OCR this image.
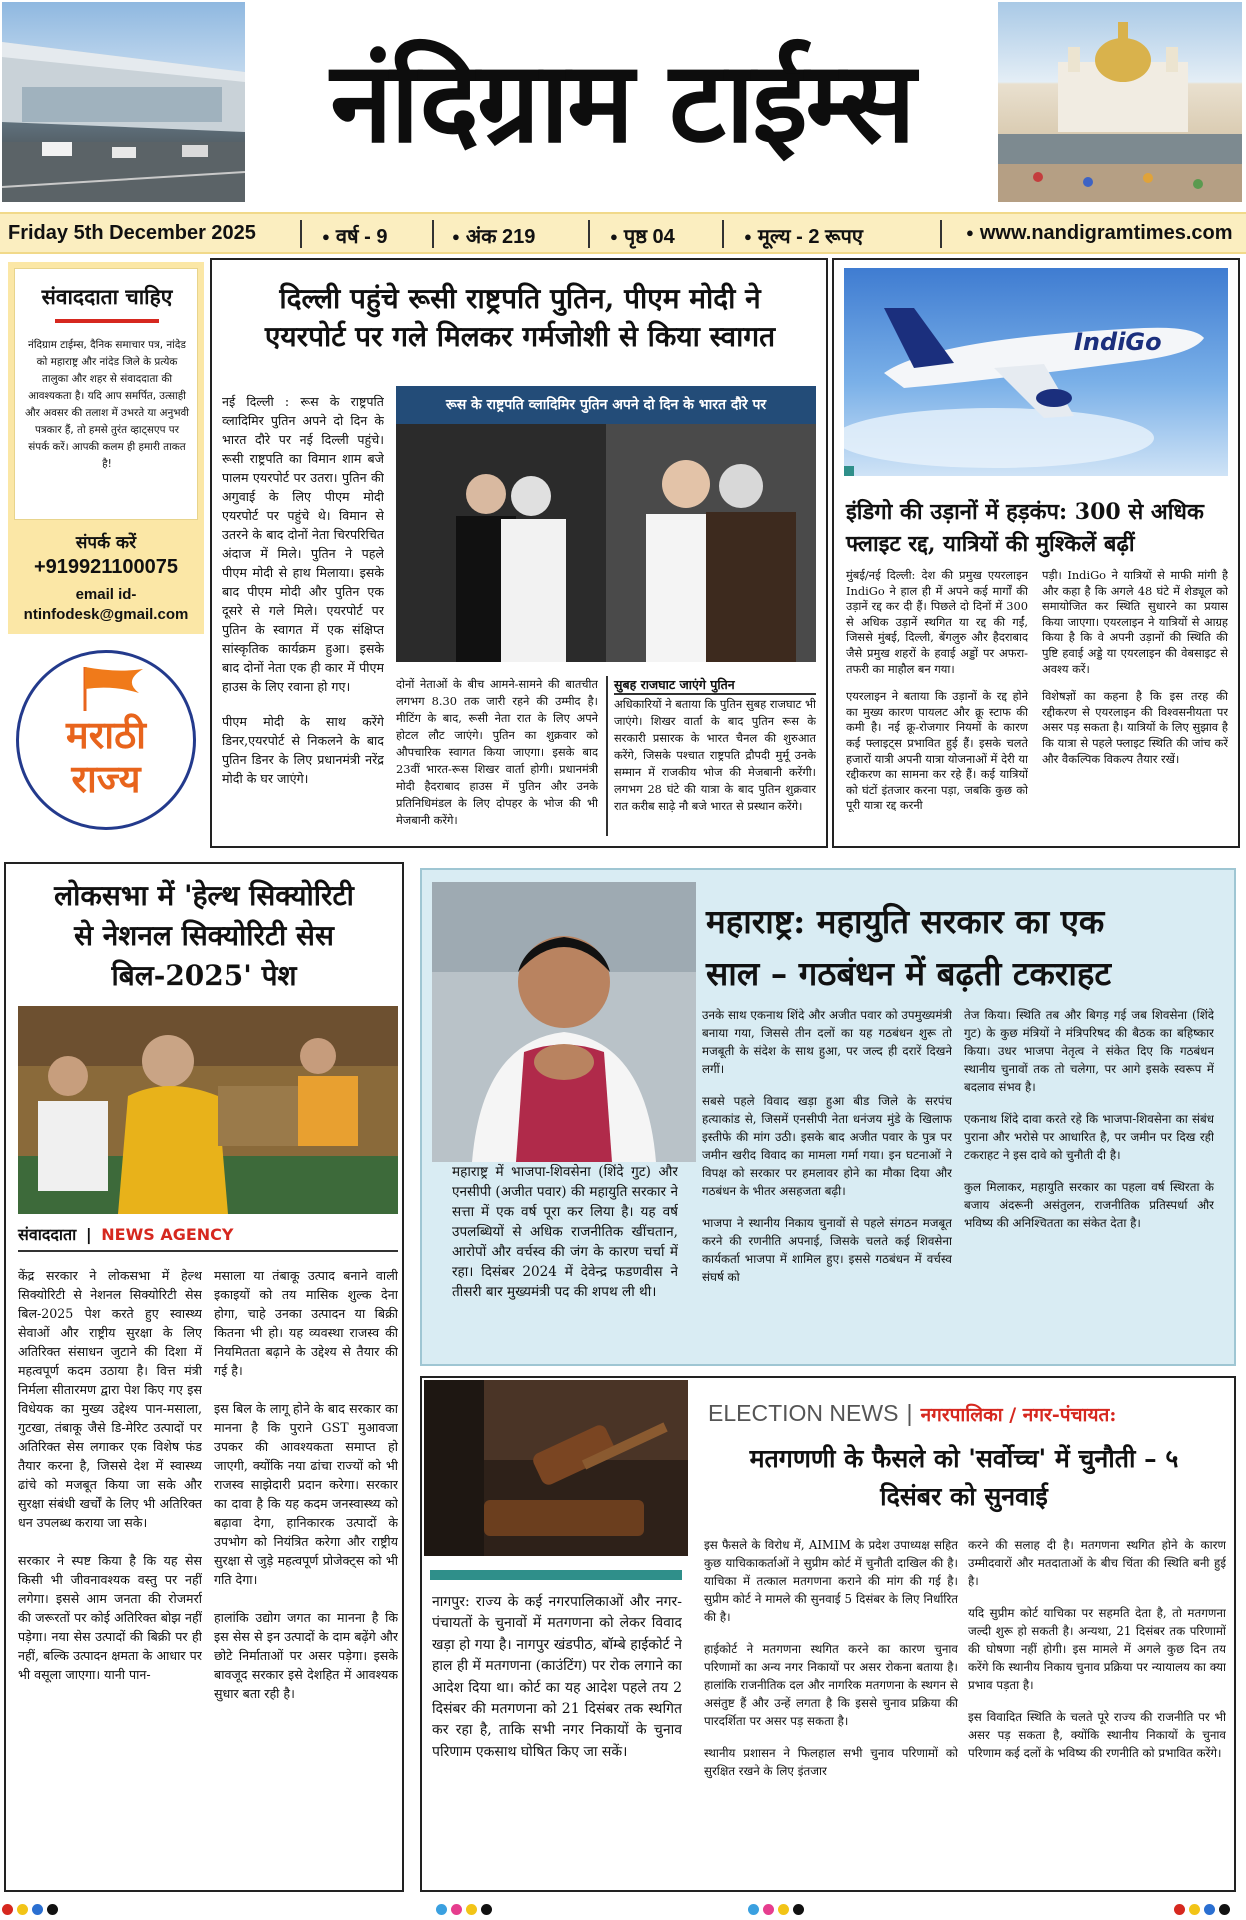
नंदिग्राम टाईम्स
Friday 5th December 2025	● वर्ष - 9	● अंक 219	● पृष्ठ 04	● मूल्य - 2 रूपए	● www.nandigramtimes.com
संवाददाता चाहिए
नंदिग्राम टाईम्स, दैनिक समाचार पत्र, नांदेड को महाराष्ट्र और नांदेड जिले के प्रत्येक तालुका और शहर से संवाददाता की आवश्यकता है। यदि आप समर्पित, उत्साही और अवसर की तलाश में उभरते या अनुभवी पत्रकार हैं, तो हमसे तुरंत व्हाट्सएप पर संपर्क करें। आपकी कलम ही हमारी ताकत है!
संपर्क करें
+919921100075
email id-
ntinfodesk@gmail.com
मराठी
राज्य
दिल्ली पहुंचे रूसी राष्ट्रपति पुतिन, पीएम मोदी ने
एयरपोर्ट पर गले मिलकर गर्मजोशी से किया स्वागत

नई दिल्ली : रूस के राष्ट्रपति व्लादिमिर पुतिन अपने दो दिन के भारत दौरे पर नई दिल्ली पहुंचे। रूसी राष्ट्रपति का विमान शाम बजे पालम एयरपोर्ट पर उतरा। पुतिन की अगुवाई के लिए पीएम मोदी एयरपोर्ट पर पहुंचे थे। विमान से उतरने के बाद दोनों नेता चिरपरिचित अंदाज में मिले। पुतिन ने पहले पीएम मोदी से हाथ मिलाया। इसके बाद पीएम मोदी और पुतिन एक दूसरे से गले मिले। एयरपोर्ट पर पुतिन के स्वागत में एक संक्षिप्त सांस्कृतिक कार्यक्रम हुआ। इसके बाद दोनों नेता एक ही कार में पीएम हाउस के लिए रवाना हो गए।

पीएम मोदी के साथ करेंगे डिनर,एयरपोर्ट से निकलने के बाद पुतिन डिनर के लिए प्रधानमंत्री नरेंद्र मोदी के घर जाएंगे।

रूस के राष्ट्रपति व्लादिमिर पुतिन अपने दो दिन के भारत दौरे पर
दोनों नेताओं के बीच आमने-सामने की बातचीत लगभग 8.30 तक जारी रहने की उम्मीद है। मीटिंग के बाद, रूसी नेता रात के लिए अपने होटल लौट जाएंगे। पुतिन का शुक्रवार को औपचारिक स्वागत किया जाएगा। इसके बाद 23वीं भारत-रूस शिखर वार्ता होगी। प्रधानमंत्री मोदी हैदराबाद हाउस में पुतिन और उनके प्रतिनिधिमंडल के लिए दोपहर के भोज की भी मेजबानी करेंगे।
सुबह राजघाट जाएंगे पुतिन
अधिकारियों ने बताया कि पुतिन सुबह राजघाट भी जाएंगे। शिखर वार्ता के बाद पुतिन रूस के सरकारी प्रसारक के भारत चैनल की शुरुआत करेंगे, जिसके पश्चात राष्ट्रपति द्रौपदी मुर्मू उनके सम्मान में राजकीय भोज की मेजबानी करेंगी। लगभग 28 घंटे की यात्रा के बाद पुतिन शुक्रवार रात करीब साढ़े नौ बजे भारत से प्रस्थान करेंगे।
IndiGo
इंडिगो की उड़ानों में हड़कंप: 300 से अधिक
फ्लाइट रद्द, यात्रियों की मुश्किलें बढ़ीं

मुंबई/नई दिल्ली: देश की प्रमुख एयरलाइन IndiGo ने हाल ही में अपने कई मार्गों की उड़ानें रद्द कर दी हैं। पिछले दो दिनों में 300 से अधिक उड़ानें स्थगित या रद्द की गईं, जिससे मुंबई, दिल्ली, बेंगलुरु और हैदराबाद जैसे प्रमुख शहरों के हवाई अड्डों पर अफरा-तफरी का माहौल बन गया।

एयरलाइन ने बताया कि उड़ानों के रद्द होने का मुख्य कारण पायलट और क्रू स्टाफ की कमी है। नई क्रू-रोजगार नियमों के कारण कई फ्लाइट्स प्रभावित हुई हैं। इसके चलते हजारों यात्री अपनी यात्रा योजनाओं में देरी या रद्दीकरण का सामना कर रहे हैं। कई यात्रियों को घंटों इंतजार करना पड़ा, जबकि कुछ को पूरी यात्रा रद्द करनी

पड़ी। IndiGo ने यात्रियों से माफी मांगी है और कहा है कि अगले 48 घंटे में शेड्यूल को समायोजित कर स्थिति सुधारने का प्रयास किया जाएगा। एयरलाइन ने यात्रियों से आग्रह किया है कि वे अपनी उड़ानों की स्थिति की पुष्टि हवाई अड्डे या एयरलाइन की वेबसाइट से अवश्य करें।

विशेषज्ञों का कहना है कि इस तरह की रद्दीकरण से एयरलाइन की विश्वसनीयता पर असर पड़ सकता है। यात्रियों के लिए सुझाव है कि यात्रा से पहले फ्लाइट स्थिति की जांच करें और वैकल्पिक विकल्प तैयार रखें।

लोकसभा में 'हेल्थ सिक्योरिटी
से नेशनल सिक्योरिटी सेस
बिल-2025' पेश
संवाददाता | NEWS AGENCY

केंद्र सरकार ने लोकसभा में हेल्थ सिक्योरिटी से नेशनल सिक्योरिटी सेस बिल-2025 पेश करते हुए स्वास्थ्य सेवाओं और राष्ट्रीय सुरक्षा के लिए अतिरिक्त संसाधन जुटाने की दिशा में महत्वपूर्ण कदम उठाया है। वित्त मंत्री निर्मला सीतारमण द्वारा पेश किए गए इस विधेयक का मुख्य उद्देश्य पान-मसाला, गुटखा, तंबाकू जैसे डि-मेरिट उत्पादों पर अतिरिक्त सेस लगाकर एक विशेष फंड तैयार करना है, जिससे देश में स्वास्थ्य ढांचे को मजबूत किया जा सके और सुरक्षा संबंधी खर्चों के लिए भी अतिरिक्त धन उपलब्ध कराया जा सके।

सरकार ने स्पष्ट किया है कि यह सेस किसी भी जीवनावश्यक वस्तु पर नहीं लगेगा। इससे आम जनता की रोजमर्रा की जरूरतों पर कोई अतिरिक्त बोझ नहीं पड़ेगा। नया सेस उत्पादों की बिक्री पर ही नहीं, बल्कि उत्पादन क्षमता के आधार पर भी वसूला जाएगा। यानी पान-

मसाला या तंबाकू उत्पाद बनाने वाली इकाइयों को तय मासिक शुल्क देना होगा, चाहे उनका उत्पादन या बिक्री कितना भी हो। यह व्यवस्था राजस्व की नियमितता बढ़ाने के उद्देश्य से तैयार की गई है।

इस बिल के लागू होने के बाद सरकार का मानना है कि पुराने GST मुआवजा उपकर की आवश्यकता समाप्त हो जाएगी, क्योंकि नया ढांचा राज्यों को भी राजस्व साझेदारी प्रदान करेगा। सरकार का दावा है कि यह कदम जनस्वास्थ्य को बढ़ावा देगा, हानिकारक उत्पादों के उपभोग को नियंत्रित करेगा और राष्ट्रीय सुरक्षा से जुड़े महत्वपूर्ण प्रोजेक्ट्स को भी गति देगा।

हालांकि उद्योग जगत का मानना है कि इस सेस से इन उत्पादों के दाम बढ़ेंगे और छोटे निर्माताओं पर असर पड़ेगा। इसके बावजूद सरकार इसे देशहित में आवश्यक सुधार बता रही है।

महाराष्ट्र: महायुति सरकार का एक
साल – गठबंधन में बढ़ती टकराहट
महाराष्ट्र में भाजपा-शिवसेना (शिंदे गुट) और एनसीपी (अजीत पवार) की महायुति सरकार ने सत्ता में एक वर्ष पूरा कर लिया है। यह वर्ष उपलब्धियों से अधिक राजनीतिक खींचतान, आरोपों और वर्चस्व की जंग के कारण चर्चा में रहा। दिसंबर 2024 में देवेन्द्र फडणवीस ने तीसरी बार मुख्यमंत्री पद की शपथ ली थी।

उनके साथ एकनाथ शिंदे और अजीत पवार को उपमुख्यमंत्री बनाया गया, जिससे तीन दलों का यह गठबंधन शुरू तो मजबूती के संदेश के साथ हुआ, पर जल्द ही दरारें दिखने लगीं।

सबसे पहले विवाद खड़ा हुआ बीड जिले के सरपंच हत्याकांड से, जिसमें एनसीपी नेता धनंजय मुंडे के खिलाफ इस्तीफे की मांग उठी। इसके बाद अजीत पवार के पुत्र पर जमीन खरीद विवाद का मामला गर्मा गया। इन घटनाओं ने विपक्ष को सरकार पर हमलावर होने का मौका दिया और गठबंधन के भीतर असहजता बढ़ी।

भाजपा ने स्थानीय निकाय चुनावों से पहले संगठन मजबूत करने की रणनीति अपनाई, जिसके चलते कई शिवसेना कार्यकर्ता भाजपा में शामिल हुए। इससे गठबंधन में वर्चस्व संघर्ष को

तेज किया। स्थिति तब और बिगड़ गई जब शिवसेना (शिंदे गुट) के कुछ मंत्रियों ने मंत्रिपरिषद की बैठक का बहिष्कार किया। उधर भाजपा नेतृत्व ने संकेत दिए कि गठबंधन स्थानीय चुनावों तक तो चलेगा, पर आगे इसके स्वरूप में बदलाव संभव है।

एकनाथ शिंदे दावा करते रहे कि भाजपा-शिवसेना का संबंध पुराना और भरोसे पर आधारित है, पर जमीन पर दिख रही टकराहट ने इस दावे को चुनौती दी है।

कुल मिलाकर, महायुति सरकार का पहला वर्ष स्थिरता के बजाय अंदरूनी असंतुलन, राजनीतिक प्रतिस्पर्धा और भविष्य की अनिश्चितता का संकेत देता है।

नागपुर: राज्य के कई नगरपालिकाओं और नगर-पंचायतों के चुनावों में मतगणना को लेकर विवाद खड़ा हो गया है। नागपुर खंडपीठ, बॉम्बे हाईकोर्ट ने हाल ही में मतगणना (काउंटिंग) पर रोक लगाने का आदेश दिया था। कोर्ट का यह आदेश पहले तय 2 दिसंबर की मतगणना को 21 दिसंबर तक स्थगित कर रहा है, ताकि सभी नगर निकायों के चुनाव परिणाम एकसाथ घोषित किए जा सकें।
ELECTION NEWS | नगरपालिका / नगर-पंचायत:
मतगणणी के फैसले को 'सर्वोच्च' में चुनौती – ५
दिसंबर को सुनवाई

इस फैसले के विरोध में, AIMIM के प्रदेश उपाध्यक्ष सहित कुछ याचिकाकर्ताओं ने सुप्रीम कोर्ट में चुनौती दाखिल की है। याचिका में तत्काल मतगणना कराने की मांग की गई है। सुप्रीम कोर्ट ने मामले की सुनवाई 5 दिसंबर के लिए निर्धारित की है।

हाईकोर्ट ने मतगणना स्थगित करने का कारण चुनाव परिणामों का अन्य नगर निकायों पर असर रोकना बताया है। हालांकि राजनीतिक दल और नागरिक मतगणना के स्थगन से असंतुष्ट हैं और उन्हें लगता है कि इससे चुनाव प्रक्रिया की पारदर्शिता पर असर पड़ सकता है।

स्थानीय प्रशासन ने फिलहाल सभी चुनाव परिणामों को सुरक्षित रखने के लिए इंतजार

करने की सलाह दी है। मतगणना स्थगित होने के कारण उम्मीदवारों और मतदाताओं के बीच चिंता की स्थिति बनी हुई है।

यदि सुप्रीम कोर्ट याचिका पर सहमति देता है, तो मतगणना जल्दी शुरू हो सकती है। अन्यथा, 21 दिसंबर तक परिणामों की घोषणा नहीं होगी। इस मामले में अगले कुछ दिन तय करेंगे कि स्थानीय निकाय चुनाव प्रक्रिया पर न्यायालय का क्या प्रभाव पड़ता है।

इस विवादित स्थिति के चलते पूरे राज्य की राजनीति पर भी असर पड़ सकता है, क्योंकि स्थानीय निकायों के चुनाव परिणाम कई दलों के भविष्य की रणनीति को प्रभावित करेंगे।
